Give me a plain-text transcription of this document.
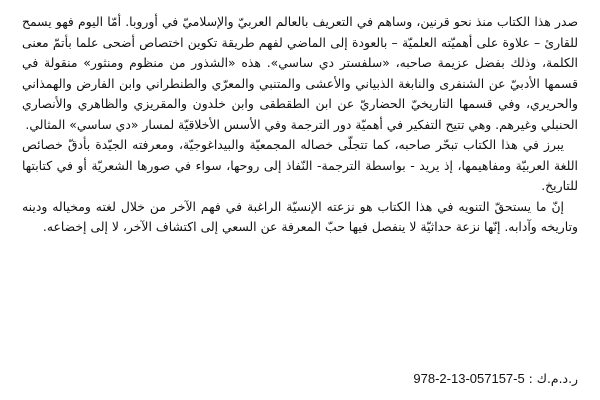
صدر هذا الكتاب منذ نحو قرنين، وساهم في التعريف بالعالم العربيّ والإسلاميّ في أوروبا. أمّا اليوم فهو يسمح للقارئ – علاوة على أهميّته العلميّة – بالعودة إلى الماضي لفهم طريقة تكوين اختصاص أضحى علما بأتمّ معنى الكلمة، وذلك بفضل عزيمة صاحبه، «سلفستر دي ساسي». هذه «الشذور من منظوم ومنثور» منقولة في قسمها الأدبيّ عن الشنفرى والنابغة الذبياني والأعشى والمتنبي والمعرّي والطنطراني وابن الفارض والهمذاني والحريري، وفي قسمها التاريخيّ الحضاريّ عن ابن الطقطقى وابن خلدون والمقريزي والظاهري والأنصاري الحنبلي وغيرهم. وهي تتيح التفكير في أهميّة دور الترجمة وفي الأسس الأخلاقيّة لمسار «دي ساسي» المثالي.

يبرز في هذا الكتاب تبحّر صاحبه، كما تتجلّى خصاله المجمعيّة والبيداغوجيّة، ومعرفته الجيّدة بأدقّ خصائص اللغة العربيّة ومفاهيمها، إذ يريد - بواسطة الترجمة- النّفاذ إلى روحها، سواء في صورها الشعريّة أو في كتابتها للتاريخ.

إنّ ما يستحقّ التنويه في هذا الكتاب هو نزعته الإنسيّة الراغبة في فهم الآخر من خلال لغته ومخياله ودينه وتاريخه وآدابه. إنّها نزعة حداثيّة لا ينفصل فيها حبّ المعرفة عن السعي إلى اكتشاف الآخر، لا إلى إخضاعه.

ر.د.م.ك : 978-2-13-057157-5
